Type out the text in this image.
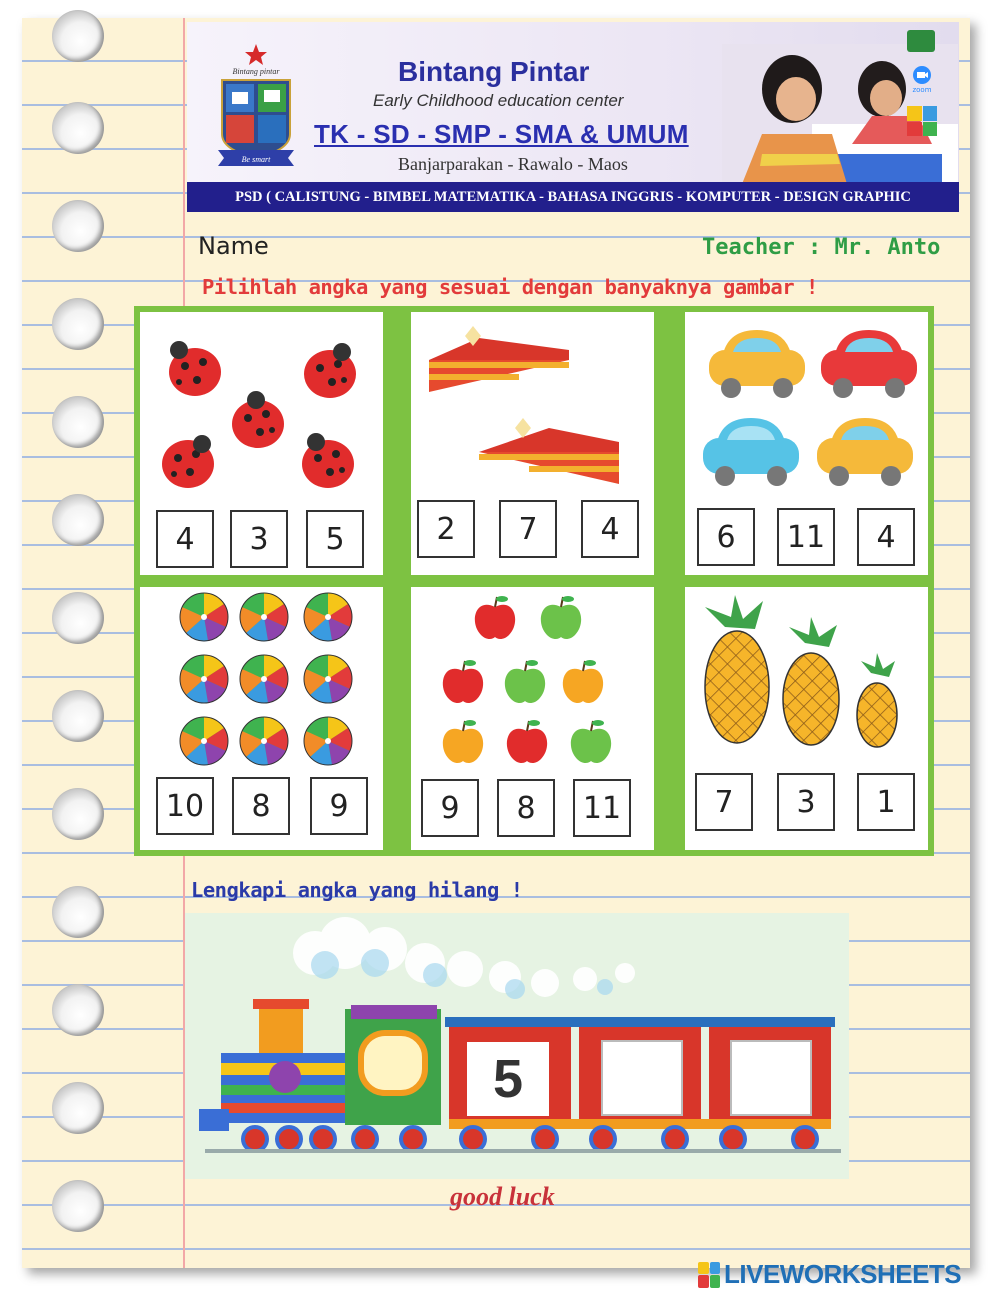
Bintang pintar
Be smart
Bintang Pintar
Early Childhood education center
TK - SD - SMP - SMA & UMUM
Banjarparakan - Rawalo - Maos
zoom
PSD ( CALISTUNG - BIMBEL MATEMATIKA - BAHASA INGGRIS - KOMPUTER - DESIGN GRAPHIC
Name	Teacher : Mr. Anto
Pilihlah angka yang sesuai dengan banyaknya gambar !
4	3	5	2	7	4	6	11	4
10	8	9	9	8	11	7	3	1
Lengkapi angka yang hilang !
5
good luck
LIVEWORKSHEETS
